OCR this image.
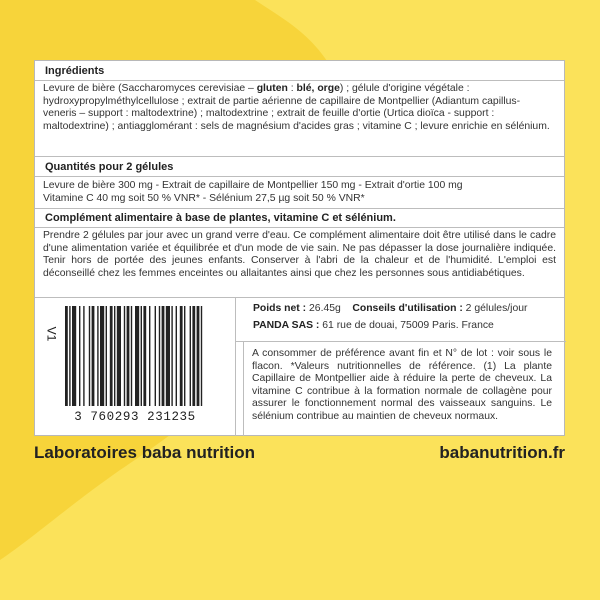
Ingrédients
Levure de bière (Saccharomyces cerevisiae – gluten : blé, orge) ; gélule d'origine végétale : hydroxypropylméthylcellulose ; extrait de partie aérienne de capillaire de Montpellier (Adiantum capillus- veneris – support : maltodextrine) ; maltodextrine ; extrait de feuille d'ortie (Urtica dioïca - support : maltodextrine) ; antiagglomérant : sels de magnésium d'acides gras ; vitamine C ; levure enrichie en sélénium.
Quantités pour 2 gélules
Levure de bière 300 mg - Extrait de capillaire de Montpellier 150 mg - Extrait d'ortie 100 mg
Vitamine C 40 mg soit 50 % VNR* - Sélénium 27,5 µg soit 50 % VNR*
Complément alimentaire à base de plantes, vitamine C et sélénium.
Prendre 2 gélules par jour avec un grand verre d'eau. Ce complément alimentaire doit être utilisé dans le cadre d'une alimentation variée et équilibrée et d'un mode de vie sain. Ne pas dépasser la dose journalière indiquée. Tenir hors de portée des jeunes enfants. Conserver à l'abri de la chaleur et de l'humidité. L'emploi est déconseillé chez les femmes enceintes ou allaitantes ainsi que chez les personnes sous antidiabétiques.
V1
3 760293 231235
Poids net : 26.45g Conseils d'utilisation : 2 gélules/jour
PANDA SAS : 61 rue de douai, 75009 Paris. France
A consommer de préférence avant fin et N° de lot : voir sous le flacon. *Valeurs nutritionnelles de référence. (1) La plante Capillaire de Montpellier aide à réduire la perte de cheveux. La vitamine C contribue à la formation normale de collagène pour assurer le fonctionnement normal des vaisseaux sanguins. Le sélénium contribue au maintien de cheveux normaux.
Laboratoires baba nutrition	babanutrition.fr
